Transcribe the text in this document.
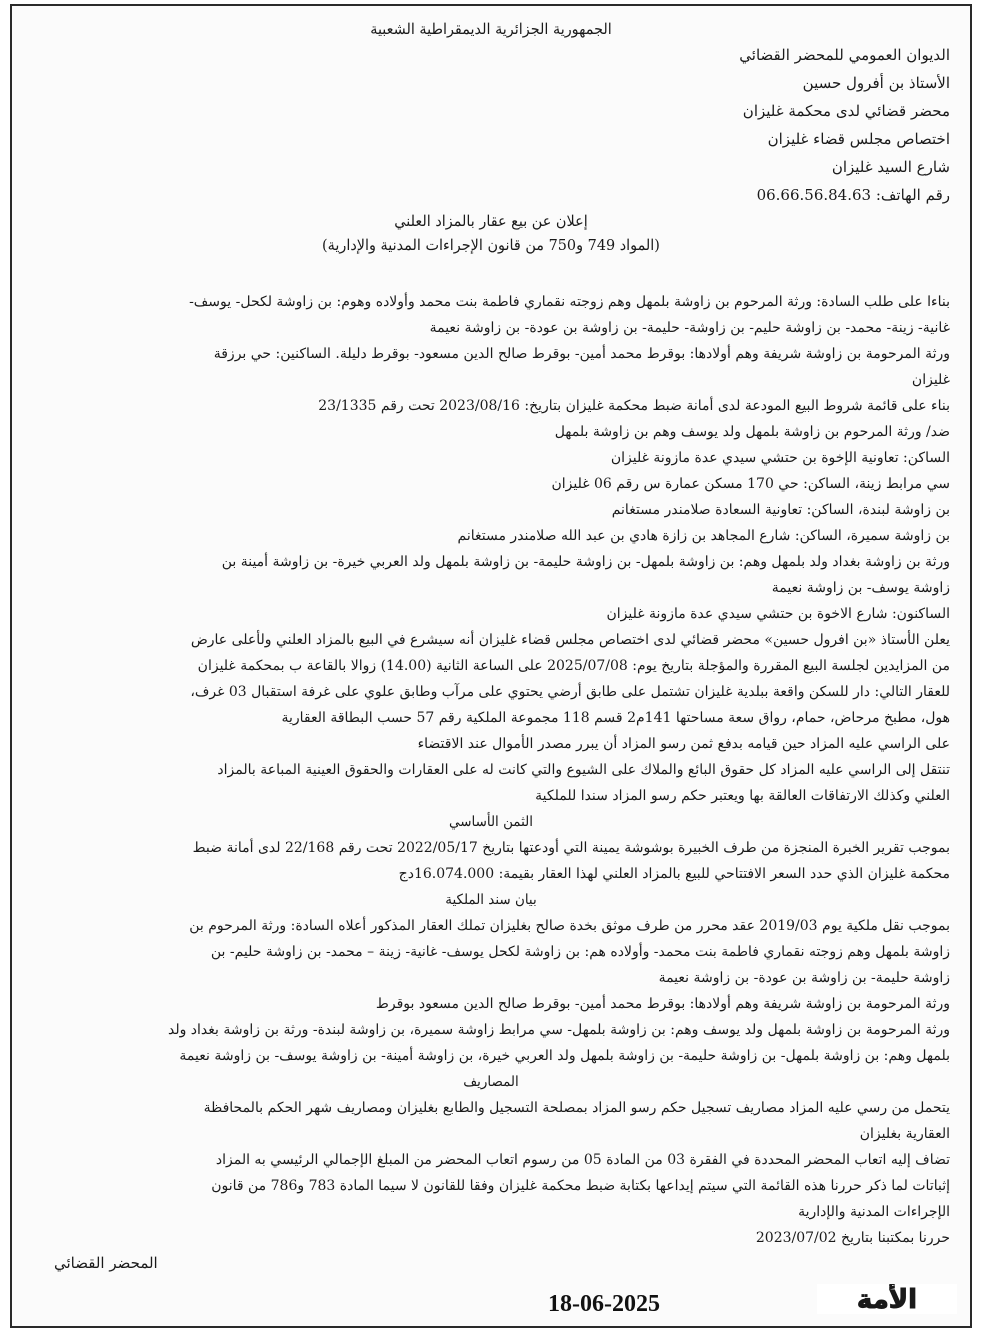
الجمهورية الجزائرية الديمقراطية الشعبية
الديوان العمومي للمحضر القضائي
الأستاذ بن أفرول حسين
محضر قضائي لدى محكمة غليزان
اختصاص مجلس قضاء غليزان
شارع السيد غليزان
رقم الهاتف: 06.66.56.84.63
إعلان عن بيع عقار بالمزاد العلني
(المواد 749 و750 من قانون الإجراءات المدنية والإدارية)
بناءا على طلب السادة: ورثة المرحوم بن زاوشة بلمهل وهم زوجته نقماري فاطمة بنت محمد وأولاده وهوم: بن زاوشة لكحل- يوسف-
غانية- زينة- محمد- بن زاوشة حليم- بن زاوشة- حليمة- بن زاوشة بن عودة- بن زاوشة نعيمة
ورثة المرحومة بن زاوشة شريفة وهم أولادها: بوقرط محمد أمين- بوقرط صالح الدين مسعود- بوقرط دليلة. الساكنين: حي برزقة
غليزان
بناء على قائمة شروط البيع المودعة لدى أمانة ضبط محكمة غليزان بتاريخ: 2023/08/16 تحت رقم 23/1335
ضد/ ورثة المرحوم بن زاوشة بلمهل ولد يوسف وهم بن زاوشة بلمهل
الساكن: تعاونية الإخوة بن حتشي سيدي عدة مازونة غليزان
سي مرابط زينة، الساكن: حي 170 مسكن عمارة س رقم 06 غليزان
بن زاوشة لبندة، الساكن: تعاونية السعادة صلامندر مستغانم
بن زاوشة سميرة، الساكن: شارع المجاهد بن زازة هادي بن عبد الله صلامندر مستغانم
ورثة بن زاوشة بغداد ولد بلمهل وهم: بن زاوشة بلمهل- بن زاوشة حليمة- بن زاوشة بلمهل ولد العربي خيرة- بن زاوشة أمينة بن
زاوشة يوسف- بن زاوشة نعيمة
الساكنون: شارع الاخوة بن حتشي سيدي عدة مازونة غليزان
يعلن الأستاذ «بن افرول حسين» محضر قضائي لدى اختصاص مجلس قضاء غليزان أنه سيشرع في البيع بالمزاد العلني ولأعلى عارض
من المزايدين لجلسة البيع المقررة والمؤجلة بتاريخ يوم: 2025/07/08 على الساعة الثانية (14.00) زوالا بالقاعة ب بمحكمة غليزان
للعقار التالي: دار للسكن واقعة ببلدية غليزان تشتمل على طابق أرضي يحتوي على مرآب وطابق علوي على غرفة استقبال 03 غرف،
هول، مطبخ مرحاض، حمام، رواق سعة مساحتها 141م2 قسم 118 مجموعة الملكية رقم 57 حسب البطاقة العقارية
على الراسي عليه المزاد حين قيامه بدفع ثمن رسو المزاد أن يبرر مصدر الأموال عند الاقتضاء
تنتقل إلى الراسي عليه المزاد كل حقوق البائع والملاك على الشيوع والتي كانت له على العقارات والحقوق العينية المباعة بالمزاد
العلني وكذلك الارتفاقات العالقة بها ويعتبر حكم رسو المزاد سندا للملكية
الثمن الأساسي
بموجب تقرير الخبرة المنجزة من طرف الخبيرة بوشوشة يمينة التي أودعتها بتاريخ 2022/05/17 تحت رقم 22/168 لدى أمانة ضبط
محكمة غليزان الذي حدد السعر الافتتاحي للبيع بالمزاد العلني لهذا العقار بقيمة: 16.074.000دج
بيان سند الملكية
بموجب نقل ملكية يوم 2019/03 عقد محرر من طرف موثق بخدة صالح بغليزان تملك العقار المذكور أعلاه السادة: ورثة المرحوم بن
زاوشة بلمهل وهم زوجته نقماري فاطمة بنت محمد- وأولاده هم: بن زاوشة لكحل يوسف- غانية- زينة – محمد- بن زاوشة حليم- بن
زاوشة حليمة- بن زاوشة بن عودة- بن زاوشة نعيمة
ورثة المرحومة بن زاوشة شريفة وهم أولادها: بوقرط محمد أمين- بوقرط صالح الدين مسعود بوقرط
ورثة المرحومة بن زاوشة بلمهل ولد يوسف وهم: بن زاوشة بلمهل- سي مرابط زاوشة سميرة، بن زاوشة لبندة- ورثة بن زاوشة بغداد ولد
بلمهل وهم: بن زاوشة بلمهل- بن زاوشة حليمة- بن زاوشة بلمهل ولد العربي خيرة، بن زاوشة أمينة- بن زاوشة يوسف- بن زاوشة نعيمة
المصاريف
يتحمل من رسي عليه المزاد مصاريف تسجيل حكم رسو المزاد بمصلحة التسجيل والطابع بغليزان ومصاريف شهر الحكم بالمحافظة
العقارية بغليزان
تضاف إليه اتعاب المحضر المحددة في الفقرة 03 من المادة 05 من رسوم اتعاب المحضر من المبلغ الإجمالي الرئيسي به المزاد
إثباتات لما ذكر حررنا هذه القائمة التي سيتم إيداعها بكتابة ضبط محكمة غليزان وفقا للقانون لا سيما المادة 783 و786 من قانون
الإجراءات المدنية والإدارية
حررنا بمكتبنا بتاريخ 2023/07/02
المحضر القضائي
18-06-2025	الأمة
